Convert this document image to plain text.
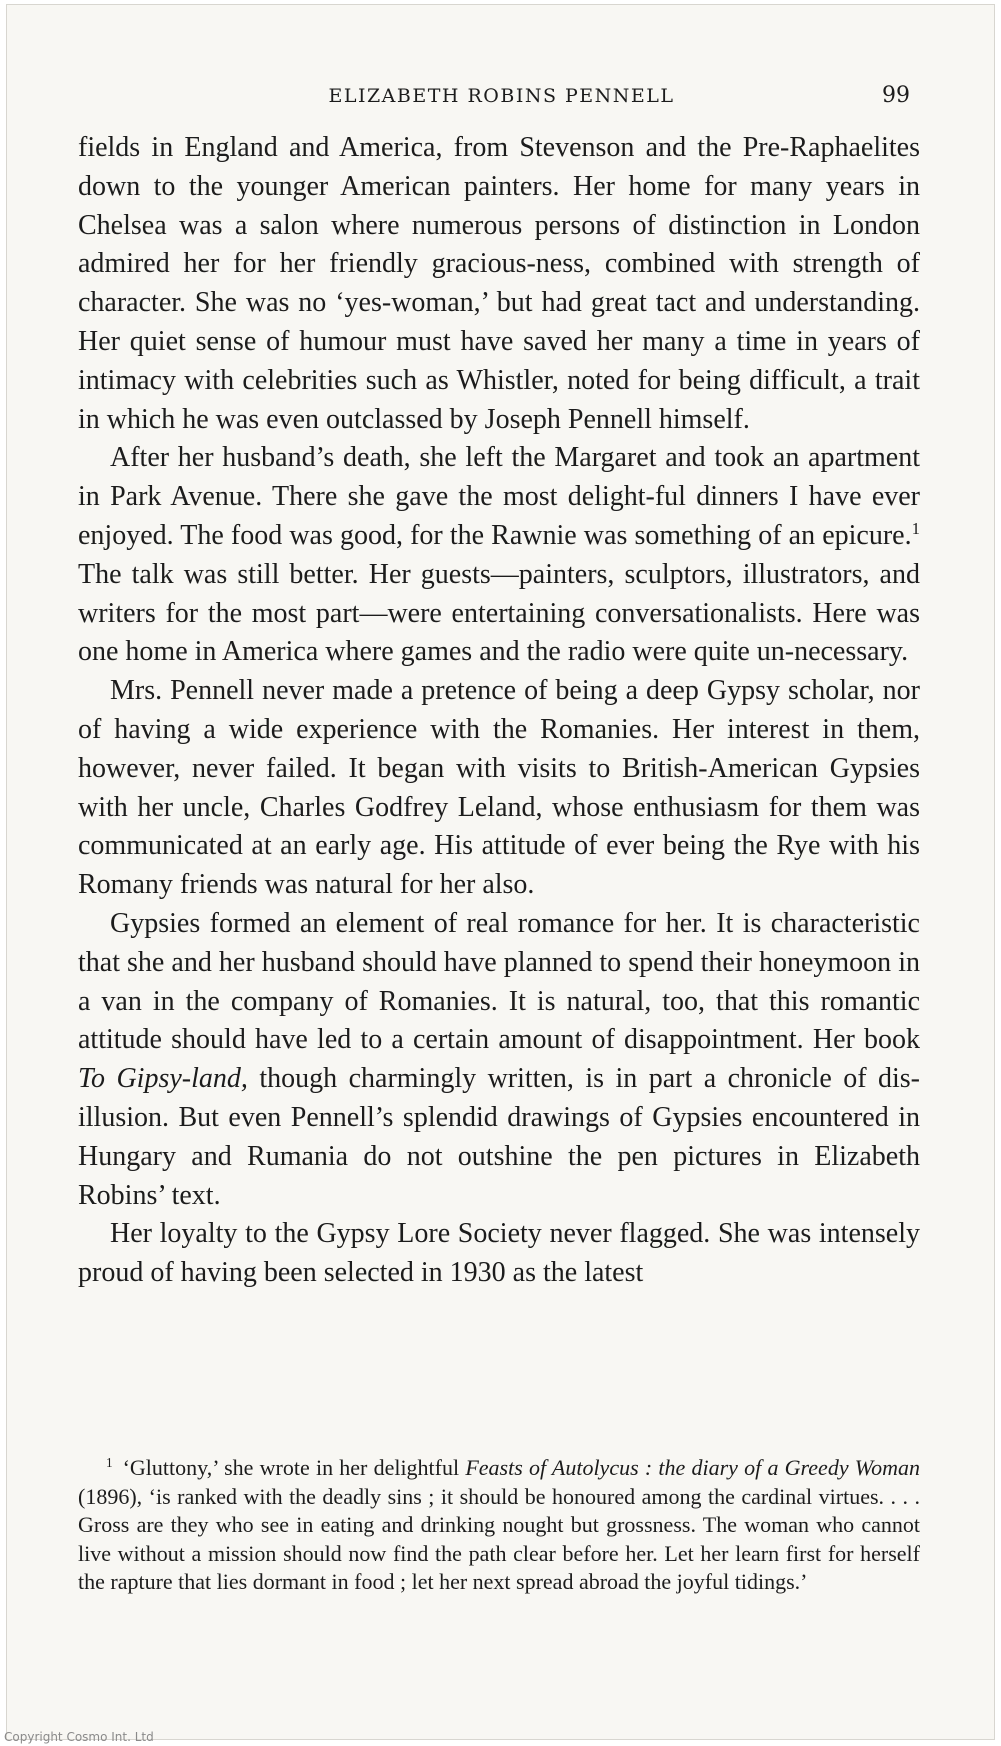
ELIZABETH ROBINS PENNELL	99

fields in England and America, from Stevenson and the Pre-Raphaelites down to the younger American painters. Her home for many years in Chelsea was a salon where numerous persons of distinction in London admired her for her friendly gracious-ness, combined with strength of character. She was no ‘yes-woman,’ but had great tact and understanding. Her quiet sense of humour must have saved her many a time in years of intimacy with celebrities such as Whistler, noted for being difficult, a trait in which he was even outclassed by Joseph Pennell himself.

After her husband’s death, she left the Margaret and took an apartment in Park Avenue. There she gave the most delight-ful dinners I have ever enjoyed. The food was good, for the Rawnie was something of an epicure.$^1$ The talk was still better. Her guests—painters, sculptors, illustrators, and writers for the most part—were entertaining conversationalists. Here was one home in America where games and the radio were quite un-necessary.

Mrs. Pennell never made a pretence of being a deep Gypsy scholar, nor of having a wide experience with the Romanies. Her interest in them, however, never failed. It began with visits to British-American Gypsies with her uncle, Charles Godfrey Leland, whose enthusiasm for them was communicated at an early age. His attitude of ever being the Rye with his Romany friends was natural for her also.

Gypsies formed an element of real romance for her. It is characteristic that she and her husband should have planned to spend their honeymoon in a van in the company of Romanies. It is natural, too, that this romantic attitude should have led to a certain amount of disappointment. Her book To Gipsy-land, though charmingly written, is in part a chronicle of dis-illusion. But even Pennell’s splendid drawings of Gypsies encountered in Hungary and Rumania do not outshine the pen pictures in Elizabeth Robins’ text.

Her loyalty to the Gypsy Lore Society never flagged. She was intensely proud of having been selected in 1930 as the latest

$^1$ ‘Gluttony,’ she wrote in her delightful Feasts of Autolycus : the diary of a Greedy Woman (1896), ‘is ranked with the deadly sins ; it should be honoured among the cardinal virtues. . . . Gross are they who see in eating and drinking nought but grossness. The woman who cannot live without a mission should now find the path clear before her. Let her learn first for herself the rapture that lies dormant in food ; let her next spread abroad the joyful tidings.’
Copyright Cosmo Int. Ltd
